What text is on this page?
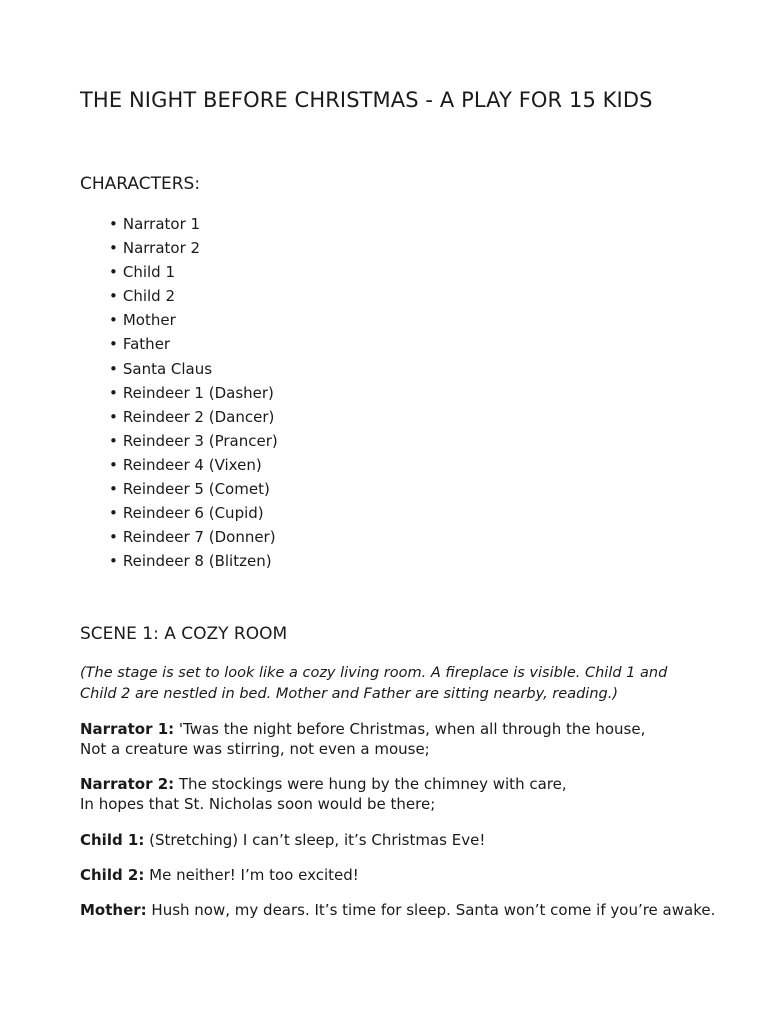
THE NIGHT BEFORE CHRISTMAS - A PLAY FOR 15 KIDS
CHARACTERS:
• Narrator 1
• Narrator 2
• Child 1
• Child 2
• Mother
• Father
• Santa Claus
• Reindeer 1 (Dasher)
• Reindeer 2 (Dancer)
• Reindeer 3 (Prancer)
• Reindeer 4 (Vixen)
• Reindeer 5 (Comet)
• Reindeer 6 (Cupid)
• Reindeer 7 (Donner)
• Reindeer 8 (Blitzen)
SCENE 1: A COZY ROOM

(The stage is set to look like a cozy living room. A fireplace is visible. Child 1 and Child 2 are nestled in bed. Mother and Father are sitting nearby, reading.)

Narrator 1: 'Twas the night before Christmas, when all through the house,
Not a creature was stirring, not even a mouse;

Narrator 2: The stockings were hung by the chimney with care,
In hopes that St. Nicholas soon would be there;

Child 1: (Stretching) I can’t sleep, it’s Christmas Eve!

Child 2: Me neither! I’m too excited!

Mother: Hush now, my dears. It’s time for sleep. Santa won’t come if you’re awake.
